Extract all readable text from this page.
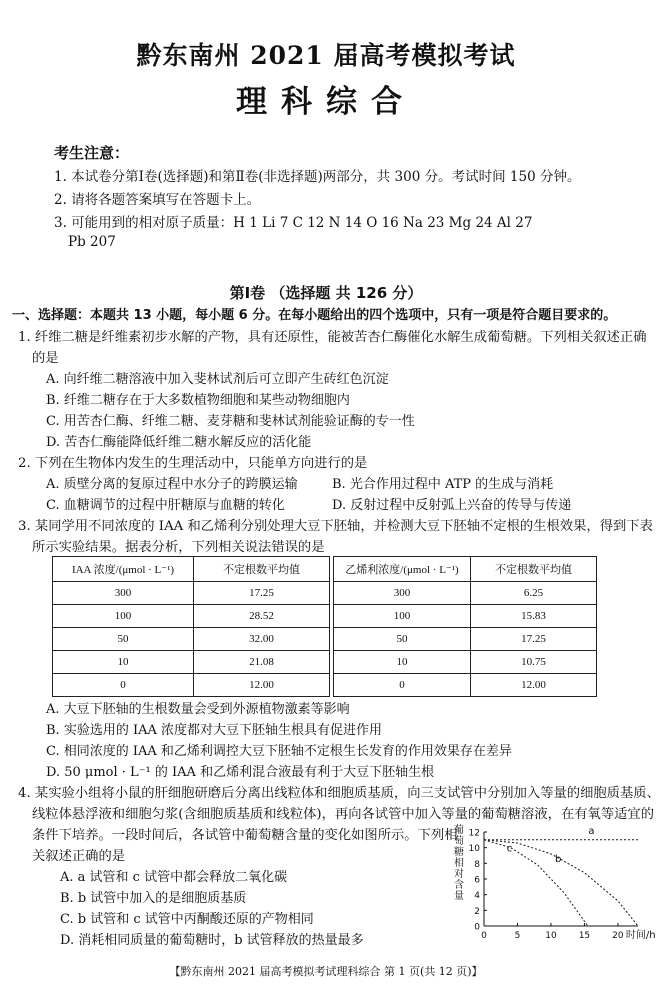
黔东南州 2021 届高考模拟考试
理科综合
考生注意：
1. 本试卷分第Ⅰ卷(选择题)和第Ⅱ卷(非选择题)两部分，共 300 分。考试时间 150 分钟。
2. 请将各题答案填写在答题卡上。
3. 可能用到的相对原子质量：H 1 Li 7 C 12 N 14 O 16 Na 23 Mg 24 Al 27
Pb 207
第Ⅰ卷 （选择题 共 126 分）
一、选择题：本题共 13 小题，每小题 6 分。在每小题给出的四个选项中，只有一项是符合题目要求的。
1. 纤维二糖是纤维素初步水解的产物，具有还原性，能被苦杏仁酶催化水解生成葡萄糖。下列相关叙述正确
的是
A. 向纤维二糖溶液中加入斐林试剂后可立即产生砖红色沉淀
B. 纤维二糖存在于大多数植物细胞和某些动物细胞内
C. 用苦杏仁酶、纤维二糖、麦芽糖和斐林试剂能验证酶的专一性
D. 苦杏仁酶能降低纤维二糖水解反应的活化能
2. 下列在生物体内发生的生理活动中，只能单方向进行的是
A. 质壁分离的复原过程中水分子的跨膜运输	B. 光合作用过程中 ATP 的生成与消耗
C. 血糖调节的过程中肝糖原与血糖的转化	D. 反射过程中反射弧上兴奋的传导与传递
3. 某同学用不同浓度的 IAA 和乙烯利分别处理大豆下胚轴，并检测大豆下胚轴不定根的生根效果，得到下表
所示实验结果。据表分析，下列相关说法错误的是
IAA 浓度/(μmol · L⁻¹)	不定根数平均值
300	17.25
100	28.52
50	32.00
10	21.08
0	12.00
乙烯利浓度/(μmol · L⁻¹)	不定根数平均值
300	6.25
100	15.83
50	17.25
10	10.75
0	12.00
A. 大豆下胚轴的生根数量会受到外源植物激素等影响
B. 实验选用的 IAA 浓度都对大豆下胚轴生根具有促进作用
C. 相同浓度的 IAA 和乙烯利调控大豆下胚轴不定根生长发育的作用效果存在差异
D. 50 μmol · L⁻¹ 的 IAA 和乙烯利混合液最有利于大豆下胚轴生根
4. 某实验小组将小鼠的肝细胞研磨后分离出线粒体和细胞质基质，向三支试管中分别加入等量的细胞质基质、
线粒体悬浮液和细胞匀浆(含细胞质基质和线粒体)，再向各试管中加入等量的葡萄糖溶液，在有氧等适宜的
条件下培养。一段时间后，各试管中葡萄糖含量的变化如图所示。下列相
关叙述正确的是
A. a 试管和 c 试管中都会释放二氧化碳
B. b 试管中加入的是细胞质基质
C. b 试管和 c 试管中丙酮酸还原的产物相同
D. 消耗相同质量的葡萄糖时，b 试管释放的热量最多
葡
萄
糖
相
对
含
量
0
2
4
6
8
10
12
0	5	10 15 20
a
b
c
时间/h
【黔东南州 2021 届高考模拟考试理科综合 第 1 页(共 12 页)】
